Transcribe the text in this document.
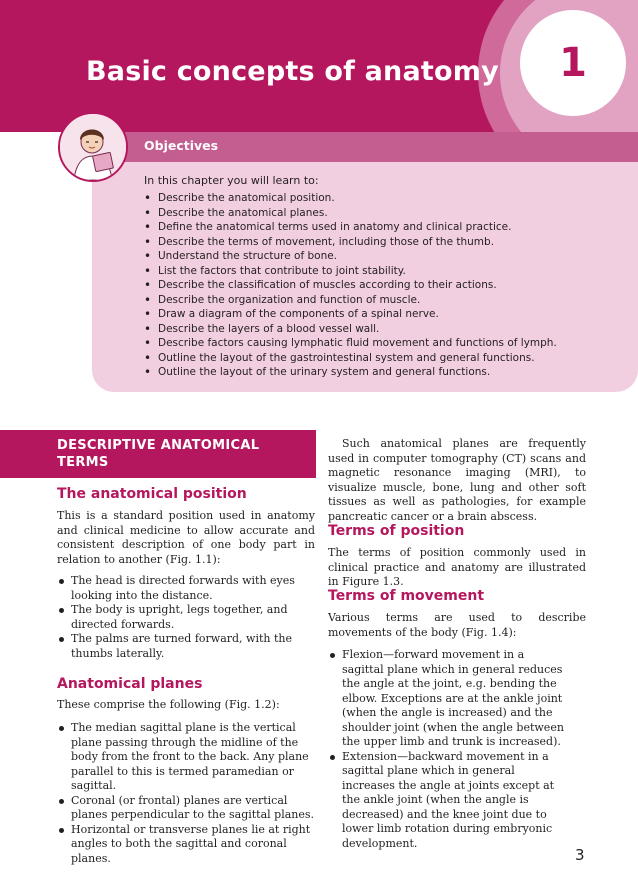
Basic concepts of anatomy 1
Objectives

In this chapter you will learn to:

• Describe the anatomical position.
• Describe the anatomical planes.
• Define the anatomical terms used in anatomy and clinical practice.
• Describe the terms of movement, including those of the thumb.
• Understand the structure of bone.
• List the factors that contribute to joint stability.
• Describe the classification of muscles according to their actions.
• Describe the organization and function of muscle.
• Draw a diagram of the components of a spinal nerve.
• Describe the layers of a blood vessel wall.
• Describe factors causing lymphatic fluid movement and functions of lymph.
• Outline the layout of the gastrointestinal system and general functions.
• Outline the layout of the urinary system and general functions.
DESCRIPTIVE ANATOMICAL TERMS
The anatomical position

This is a standard position used in anatomy and clinical medicine to allow accurate and consistent description of one body part in relation to another (Fig. 1.1):

The head is directed forwards with eyes looking into the distance.
The body is upright, legs together, and directed forwards.
The palms are turned forward, with the thumbs laterally.
Anatomical planes

These comprise the following (Fig. 1.2):

The median sagittal plane is the vertical plane passing through the midline of the body from the front to the back. Any plane parallel to this is termed paramedian or sagittal.
Coronal (or frontal) planes are vertical planes perpendicular to the sagittal planes.
Horizontal or transverse planes lie at right angles to both the sagittal and coronal planes.

Such anatomical planes are frequently used in computer tomography (CT) scans and magnetic resonance imaging (MRI), to visualize muscle, bone, lung and other soft tissues as well as pathologies, for example pancreatic cancer or a brain abscess.

Terms of position

The terms of position commonly used in clinical practice and anatomy are illustrated in Figure 1.3.

Terms of movement

Various terms are used to describe movements of the body (Fig. 1.4):

Flexion—forward movement in a sagittal plane which in general reduces the angle at the joint, e.g. bending the elbow. Exceptions are at the ankle joint (when the angle is increased) and the shoulder joint (when the angle between the upper limb and trunk is increased).
Extension—backward movement in a sagittal plane which in general increases the angle at joints except at the ankle joint (when the angle is decreased) and the knee joint due to lower limb rotation during embryonic development.

3
